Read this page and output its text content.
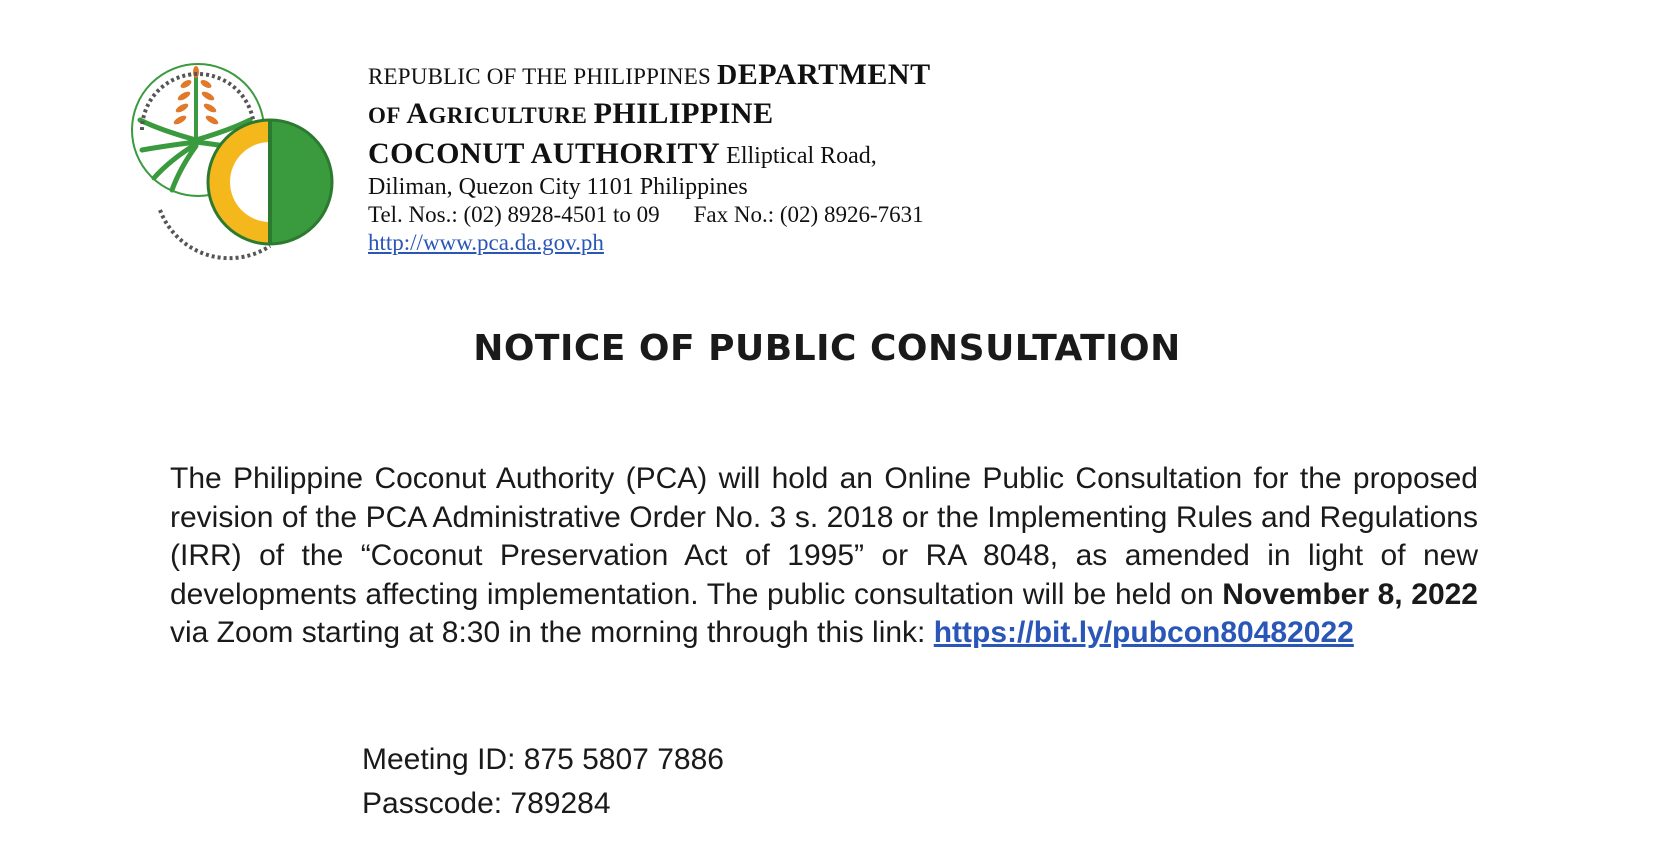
REPUBLIC OF THE PHILIPPINES DEPARTMENT
OF AGRICULTURE PHILIPPINE
COCONUT AUTHORITY Elliptical Road,
Diliman, Quezon City 1101 Philippines
Tel. Nos.: (02) 8928-4501 to 09 Fax No.: (02) 8926-7631
http://www.pca.da.gov.ph
NOTICE OF PUBLIC CONSULTATION
The Philippine Coconut Authority (PCA) will hold an Online Public Consultation for the proposed revision of the PCA Administrative Order No. 3 s. 2018 or the Implementing Rules and Regulations (IRR) of the “Coconut Preservation Act of 1995” or RA 8048, as amended in light of new developments affecting implementation. The public consultation will be held on November 8, 2022 via Zoom starting at 8:30 in the morning through this link: https://bit.ly/pubcon80482022
Meeting ID: 875 5807 7886
Passcode: 789284
